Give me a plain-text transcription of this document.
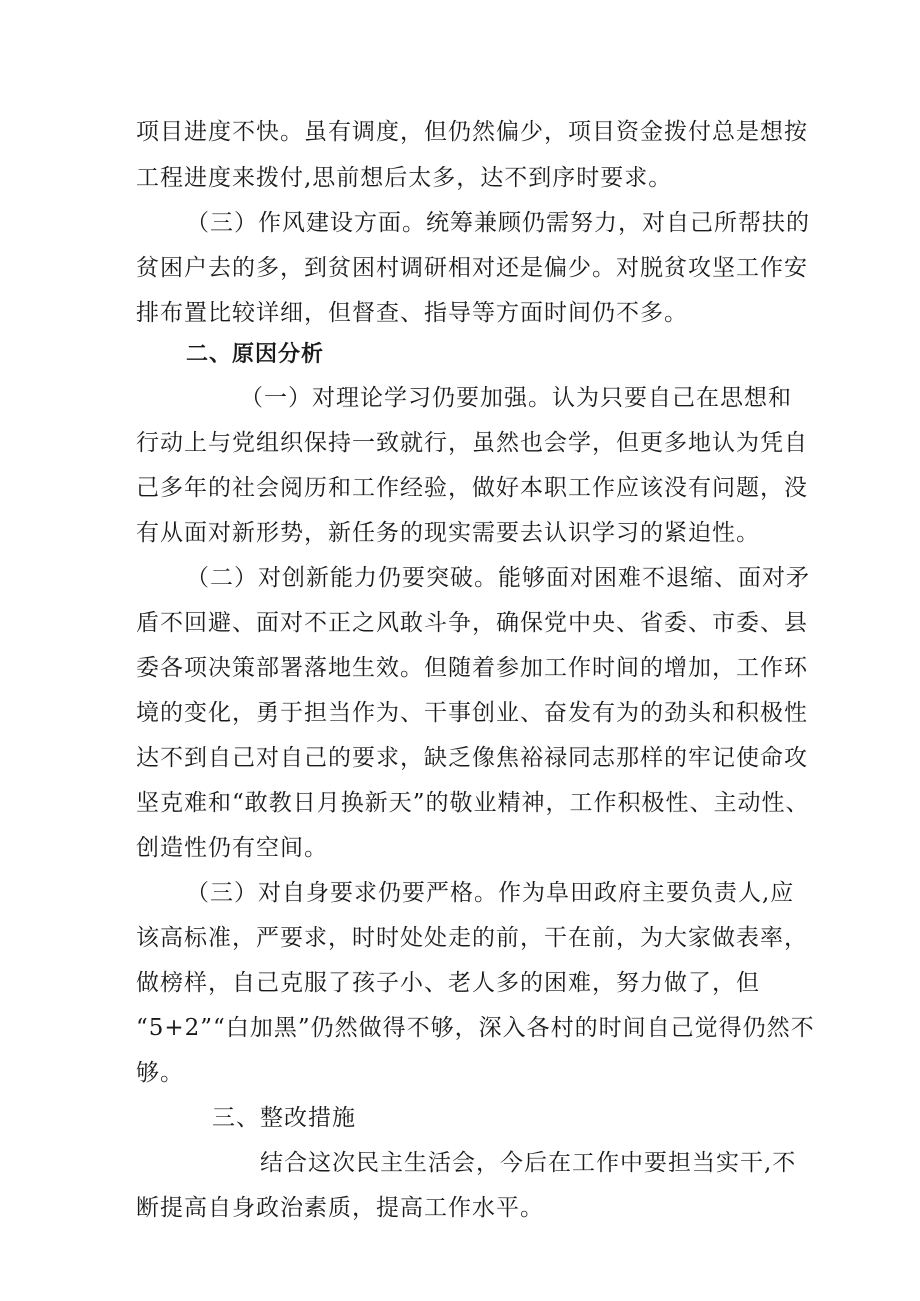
项目进度不快。虽有调度，但仍然偏少，项目资金拨付总是想按

工程进度来拨付,思前想后太多，达不到序时要求。

（三）作风建设方面。统筹兼顾仍需努力，对自己所帮扶的

贫困户去的多，到贫困村调研相对还是偏少。对脱贫攻坚工作安

排布置比较详细，但督查、指导等方面时间仍不多。

二、原因分析

（一）对理论学习仍要加强。认为只要自己在思想和

行动上与党组织保持一致就行，虽然也会学，但更多地认为凭自

己多年的社会阅历和工作经验，做好本职工作应该没有问题，没

有从面对新形势，新任务的现实需要去认识学习的紧迫性。

（二）对创新能力仍要突破。能够面对困难不退缩、面对矛

盾不回避、面对不正之风敢斗争，确保党中央、省委、市委、县

委各项决策部署落地生效。但随着参加工作时间的增加，工作环

境的变化，勇于担当作为、干事创业、奋发有为的劲头和积极性

达不到自己对自己的要求，缺乏像焦裕禄同志那样的牢记使命攻

坚克难和“敢教日月换新天”的敬业精神，工作积极性、主动性、

创造性仍有空间。

（三）对自身要求仍要严格。作为阜田政府主要负责人,应

该高标准，严要求，时时处处走的前，干在前，为大家做表率，

做榜样，自己克服了孩子小、老人多的困难，努力做了，但

“5+2”“白加黑”仍然做得不够，深入各村的时间自己觉得仍然不

够。

三、整改措施

结合这次民主生活会，今后在工作中要担当实干,不

断提高自身政治素质，提高工作水平。
